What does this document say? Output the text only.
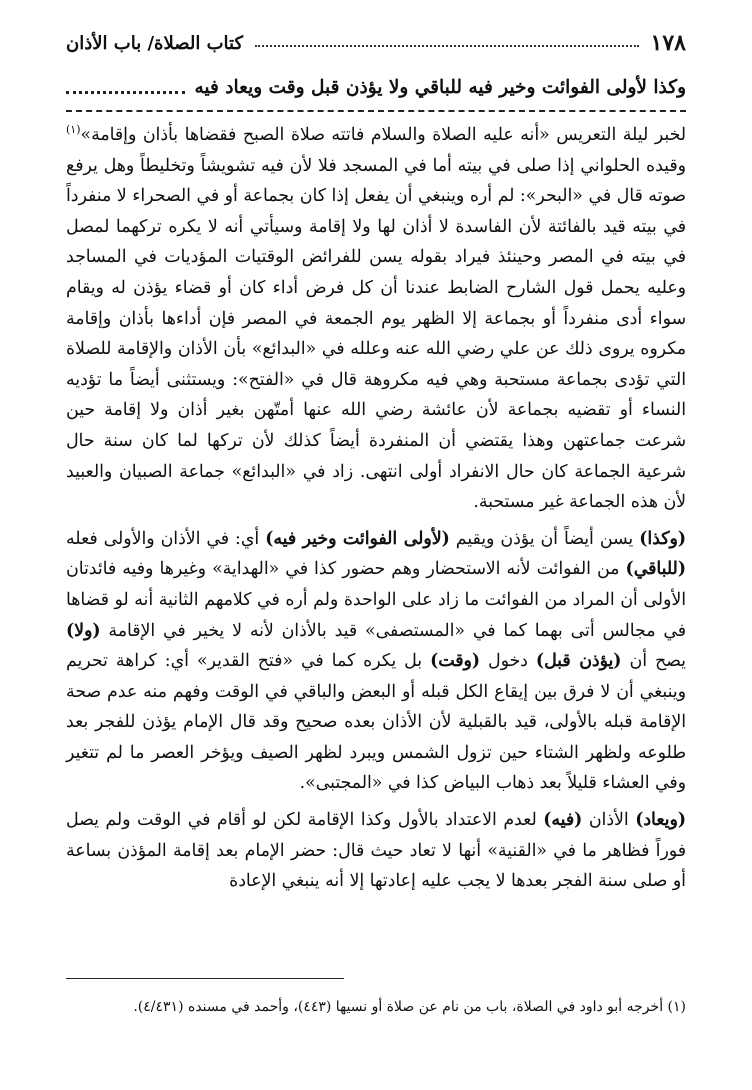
١٧٨
كتاب الصلاة/ باب الأذان
وكذا لأولى الفوائت وخير فيه للباقي ولا يؤذن قبل وقت ويعاد فيه

لخبر ليلة التعريس «أنه عليه الصلاة والسلام فاتته صلاة الصبح فقضاها بأذان وإقامة»$^{(١)}$ وقيده الحلواني إذا صلى في بيته أما في المسجد فلا لأن فيه تشويشاً وتخليطاً وهل يرفع صوته قال في «البحر»: لم أره وينبغي أن يفعل إذا كان بجماعة أو في الصحراء لا منفرداً في بيته قيد بالفائتة لأن الفاسدة لا أذان لها ولا إقامة وسيأتي أنه لا يكره تركهما لمصل في بيته في المصر وحينئذ فيراد بقوله يسن للفرائض الوقتيات المؤديات في المساجد وعليه يحمل قول الشارح الضابط عندنا أن كل فرض أداء كان أو قضاء يؤذن له ويقام سواء أدى منفرداً أو بجماعة إلا الظهر يوم الجمعة في المصر فإن أداءها بأذان وإقامة مكروه يروى ذلك عن علي رضي الله عنه وعلله في «البدائع» بأن الأذان والإقامة للصلاة التي تؤدى بجماعة مستحبة وهي فيه مكروهة قال في «الفتح»: ويستثنى أيضاً ما تؤديه النساء أو تقضيه بجماعة لأن عائشة رضي الله عنها أمتّهن بغير أذان ولا إقامة حين شرعت جماعتهن وهذا يقتضي أن المنفردة أيضاً كذلك لأن تركها لما كان سنة حال شرعية الجماعة كان حال الانفراد أولى انتهى. زاد في «البدائع» جماعة الصبيان والعبيد لأن هذه الجماعة غير مستحبة.

(وكذا) يسن أيضاً أن يؤذن ويقيم (لأولى الفوائت وخير فيه) أي: في الأذان والأولى فعله (للباقي) من الفوائت لأنه الاستحضار وهم حضور كذا في «الهداية» وغيرها وفيه فائدتان الأولى أن المراد من الفوائت ما زاد على الواحدة ولم أره في كلامهم الثانية أنه لو قضاها في مجالس أتى بهما كما في «المستصفى» قيد بالأذان لأنه لا يخير في الإقامة (ولا) يصح أن (يؤذن قبل) دخول (وقت) بل يكره كما في «فتح القدير» أي: كراهة تحريم وينبغي أن لا فرق بين إيقاع الكل قبله أو البعض والباقي في الوقت وفهم منه عدم صحة الإقامة قبله بالأولى، قيد بالقبلية لأن الأذان بعده صحيح وقد قال الإمام يؤذن للفجر بعد طلوعه ولظهر الشتاء حين تزول الشمس ويبرد لظهر الصيف ويؤخر العصر ما لم تتغير وفي العشاء قليلاً بعد ذهاب البياض كذا في «المجتبى».

(ويعاد) الأذان (فيه) لعدم الاعتداد بالأول وكذا الإقامة لكن لو أقام في الوقت ولم يصل فوراً فظاهر ما في «القنية» أنها لا تعاد حيث قال: حضر الإمام بعد إقامة المؤذن بساعة أو صلى سنة الفجر بعدها لا يجب عليه إعادتها إلا أنه ينبغي الإعادة

(١) أخرجه أبو داود في الصلاة، باب من نام عن صلاة أو نسيها (٤٤٣)، وأحمد في مسنده (٤/٤٣١).
